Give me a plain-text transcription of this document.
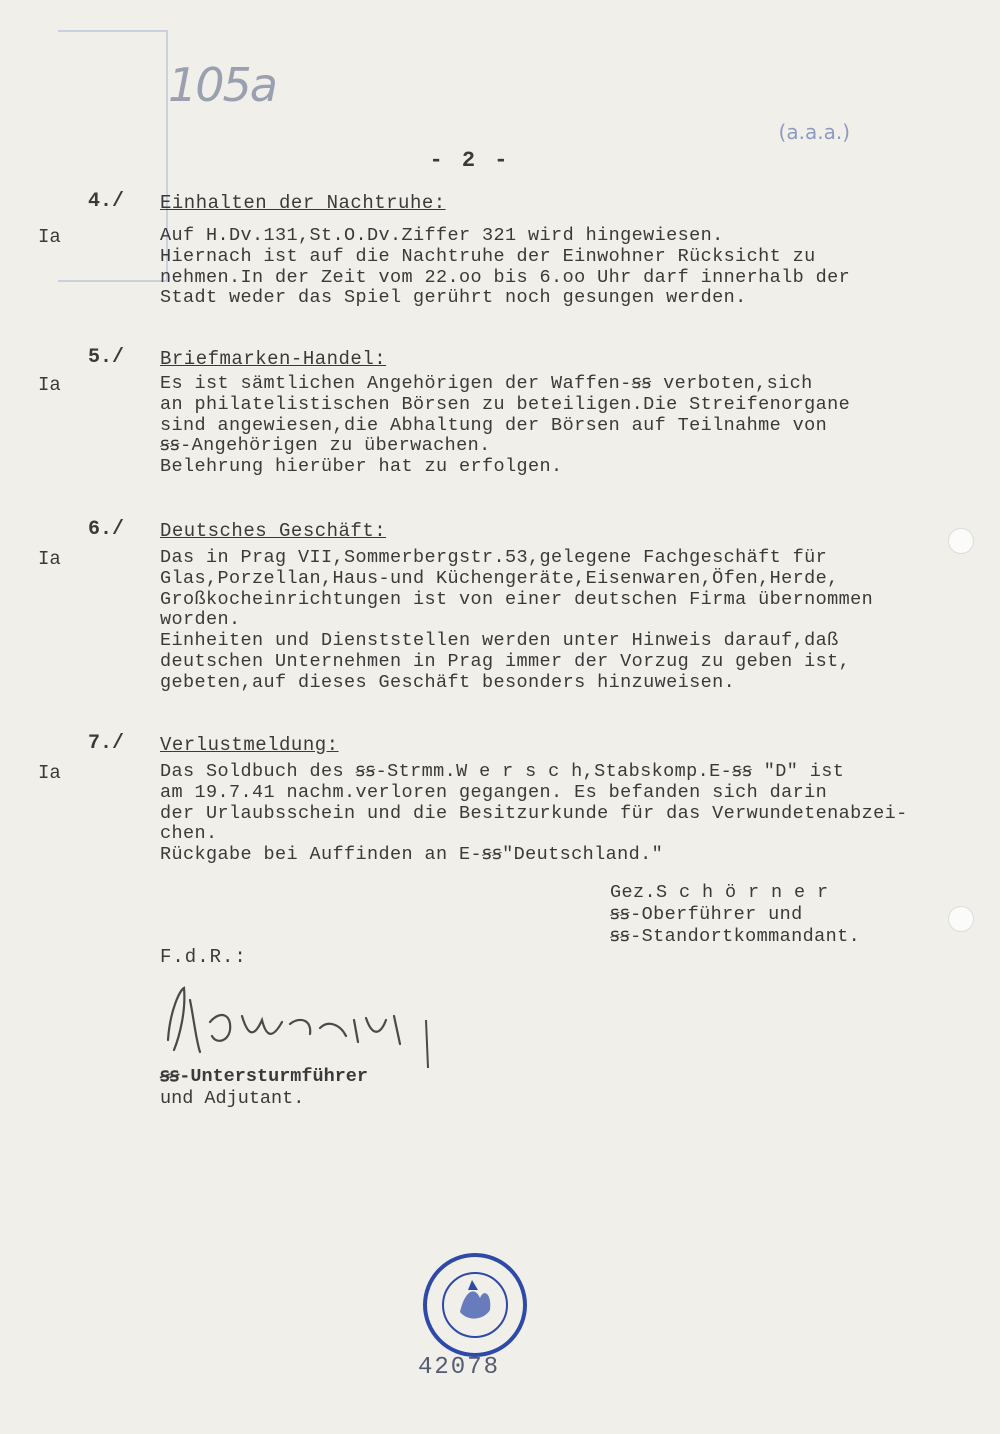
105a
(a.a.a.)
- 2 -
4./ Einhalten der Nachtruhe:
Ia	Auf H.Dv.131,St.O.Dv.Ziffer 321 wird hingewiesen.
Hiernach ist auf die Nachtruhe der Einwohner Rücksicht zu
nehmen.In der Zeit vom 22.oo bis 6.oo Uhr darf innerhalb der
Stadt weder das Spiel gerührt noch gesungen werden.
5./ Briefmarken-Handel:
Ia	Es ist sämtlichen Angehörigen der Waffen-ꞩꞩ verboten,sich
an philatelistischen Börsen zu beteiligen.Die Streifenorgane
sind angewiesen,die Abhaltung der Börsen auf Teilnahme von
ꞩꞩ-Angehörigen zu überwachen.
Belehrung hierüber hat zu erfolgen.
6./ Deutsches Geschäft:
Ia	Das in Prag VII,Sommerbergstr.53,gelegene Fachgeschäft für
Glas,Porzellan,Haus-und Küchengeräte,Eisenwaren,Öfen,Herde,
Großkocheinrichtungen ist von einer deutschen Firma übernommen
worden.
Einheiten und Dienststellen werden unter Hinweis darauf,daß
deutschen Unternehmen in Prag immer der Vorzug zu geben ist,
gebeten,auf dieses Geschäft besonders hinzuweisen.
7./ Verlustmeldung:
Ia	Das Soldbuch des ꞩꞩ-Strmm.W e r s c h,Stabskomp.E-ꞩꞩ "D" ist
am 19.7.41 nachm.verloren gegangen. Es befanden sich darin
der Urlaubsschein und die Besitzurkunde für das Verwundetenabzei-
chen.
Rückgabe bei Auffinden an E-ꞩꞩ"Deutschland."
Gez.S c h ö r n e r
ꞩꞩ-Oberführer und
ꞩꞩ-Standortkommandant.
F.d.R.:
ꞩꞩ-Untersturmführer
und Adjutant.
42078
